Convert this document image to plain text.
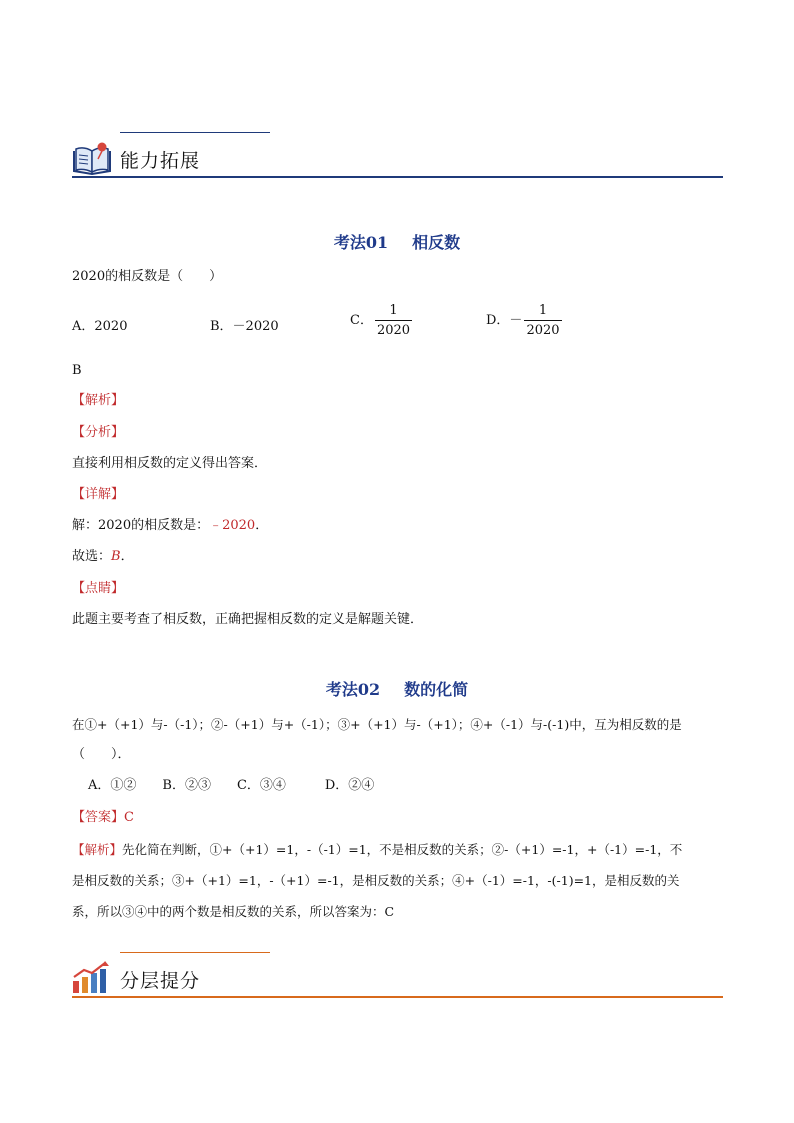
能力拓展
考法01 相反数
2020的相反数是（　　）
A．2020	B．－2020	C． $\frac{1}{2020}$	D．－ $\frac{1}{2020}$
B
【解析】
【分析】
直接利用相反数的定义得出答案．
【详解】
解：2020的相反数是：﹣2020．
故选：B．
【点睛】
此题主要考查了相反数，正确把握相反数的定义是解题关键．
考法02 数的化简
在①+（+1）与-（-1）；②-（+1）与+（-1）；③+（+1）与-（+1）；④+（-1）与-(-1)中，互为相反数的是
（　　）．
A．①②　　B．②③　　C．③④　　　D．②④
【答案】C
【解析】先化简在判断，①+（+1）=1，-（-1）=1，不是相反数的关系；②-（+1）=-1，+（-1）=-1，不
是相反数的关系；③+（+1）=1，-（+1）=-1，是相反数的关系；④+（-1）=-1，-(-1)=1，是相反数的关
系，所以③④中的两个数是相反数的关系，所以答案为：C
分层提分
